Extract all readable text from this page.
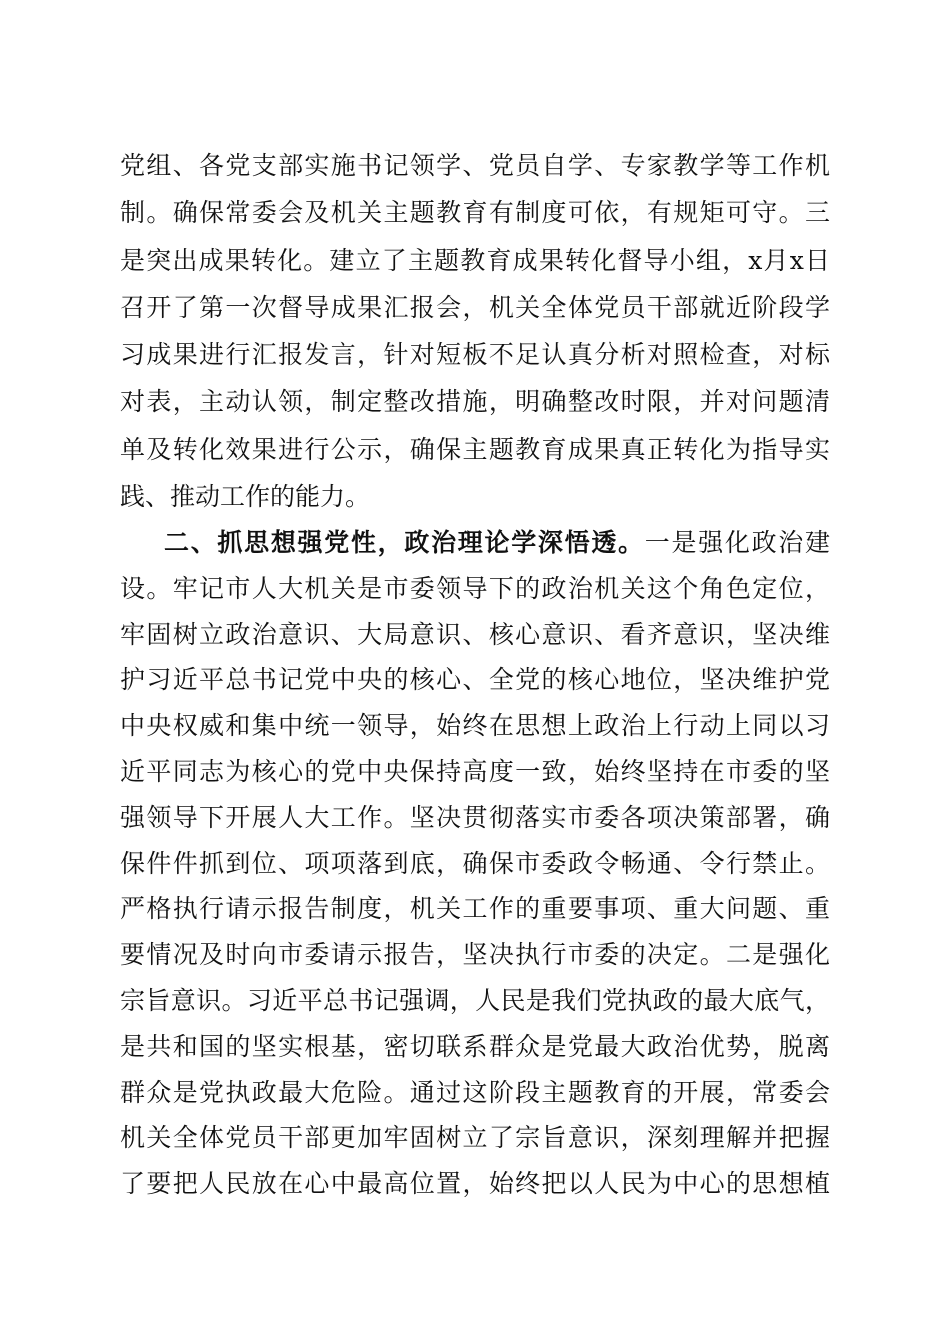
党组、各党支部实施书记领学、党员自学、专家教学等工作机
制。确保常委会及机关主题教育有制度可依，有规矩可守。三
是突出成果转化。建立了主题教育成果转化督导小组，x月x日
召开了第一次督导成果汇报会，机关全体党员干部就近阶段学
习成果进行汇报发言，针对短板不足认真分析对照检查，对标
对表，主动认领，制定整改措施，明确整改时限，并对问题清
单及转化效果进行公示，确保主题教育成果真正转化为指导实
践、推动工作的能力。
二、抓思想强党性，政治理论学深悟透。一是强化政治建
设。牢记市人大机关是市委领导下的政治机关这个角色定位，
牢固树立政治意识、大局意识、核心意识、看齐意识，坚决维
护习近平总书记党中央的核心、全党的核心地位，坚决维护党
中央权威和集中统一领导，始终在思想上政治上行动上同以习
近平同志为核心的党中央保持高度一致，始终坚持在市委的坚
强领导下开展人大工作。坚决贯彻落实市委各项决策部署，确
保件件抓到位、项项落到底，确保市委政令畅通、令行禁止。
严格执行请示报告制度，机关工作的重要事项、重大问题、重
要情况及时向市委请示报告，坚决执行市委的决定。二是强化
宗旨意识。习近平总书记强调，人民是我们党执政的最大底气，
是共和国的坚实根基，密切联系群众是党最大政治优势，脱离
群众是党执政最大危险。通过这阶段主题教育的开展，常委会
机关全体党员干部更加牢固树立了宗旨意识，深刻理解并把握
了要把人民放在心中最高位置，始终把以人民为中心的思想植
